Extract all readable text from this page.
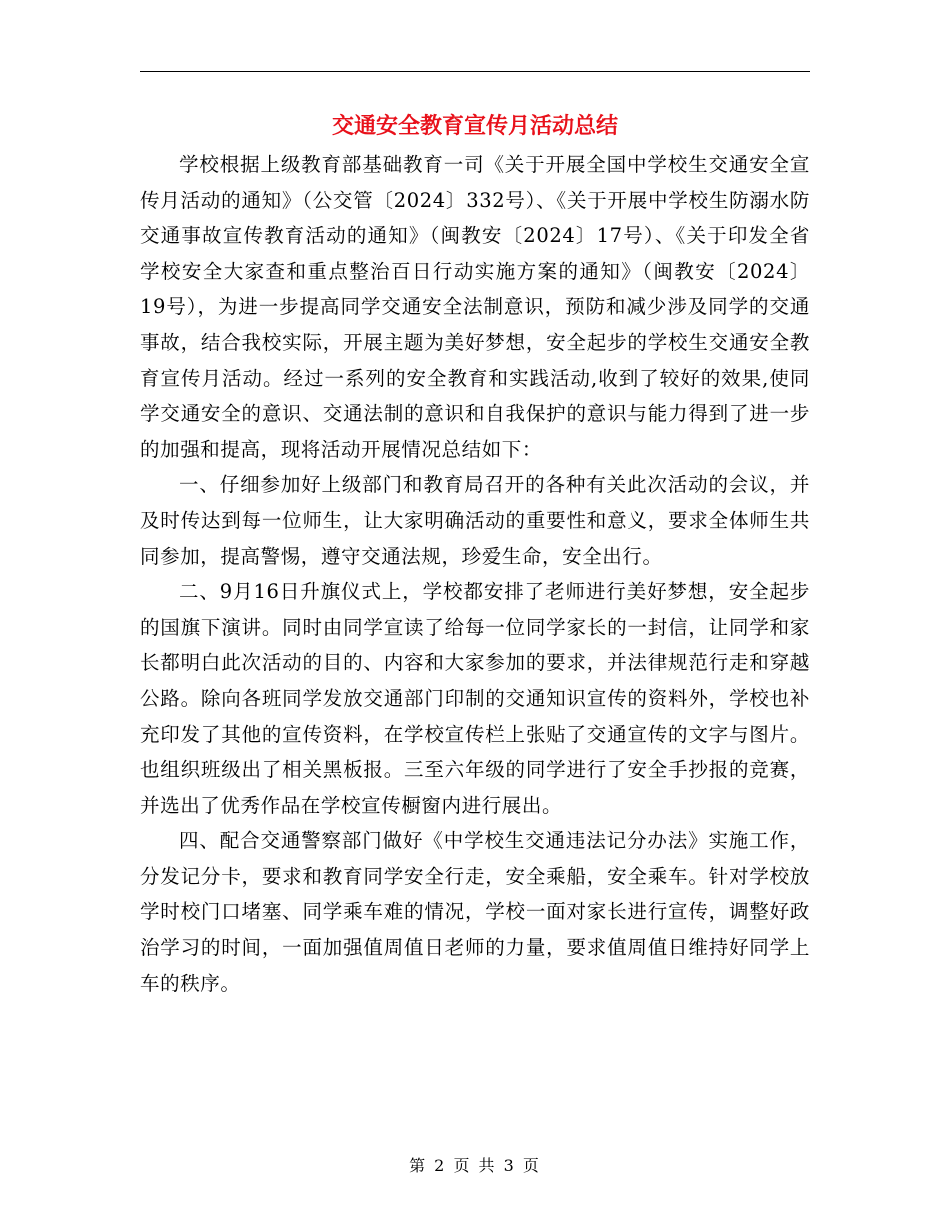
交通安全教育宣传月活动总结

学校根据上级教育部基础教育一司《关于开展全国中学校生交通安全宣传月活动的通知》（公交管〔2024〕332号）、《关于开展中学校生防溺水防交通事故宣传教育活动的通知》（闽教安〔2024〕17号）、《关于印发全省学校安全大家查和重点整治百日行动实施方案的通知》（闽教安〔2024〕19号），为进一步提高同学交通安全法制意识，预防和减少涉及同学的交通事故，结合我校实际，开展主题为美好梦想，安全起步的学校生交通安全教育宣传月活动。经过一系列的安全教育和实践活动,收到了较好的效果,使同学交通安全的意识、交通法制的意识和自我保护的意识与能力得到了进一步的加强和提高，现将活动开展情况总结如下：

一、仔细参加好上级部门和教育局召开的各种有关此次活动的会议，并及时传达到每一位师生，让大家明确活动的重要性和意义，要求全体师生共同参加，提高警惕，遵守交通法规，珍爱生命，安全出行。

二、9月16日升旗仪式上，学校都安排了老师进行美好梦想，安全起步的国旗下演讲。同时由同学宣读了给每一位同学家长的一封信，让同学和家长都明白此次活动的目的、内容和大家参加的要求，并法律规范行走和穿越公路。除向各班同学发放交通部门印制的交通知识宣传的资料外，学校也补充印发了其他的宣传资料，在学校宣传栏上张贴了交通宣传的文字与图片。也组织班级出了相关黑板报。三至六年级的同学进行了安全手抄报的竞赛，并选出了优秀作品在学校宣传橱窗内进行展出。

四、配合交通警察部门做好《中学校生交通违法记分办法》实施工作，分发记分卡，要求和教育同学安全行走，安全乘船，安全乘车。针对学校放学时校门口堵塞、同学乘车难的情况，学校一面对家长进行宣传，调整好政治学习的时间，一面加强值周值日老师的力量，要求值周值日维持好同学上车的秩序。

第 2 页 共 3 页
